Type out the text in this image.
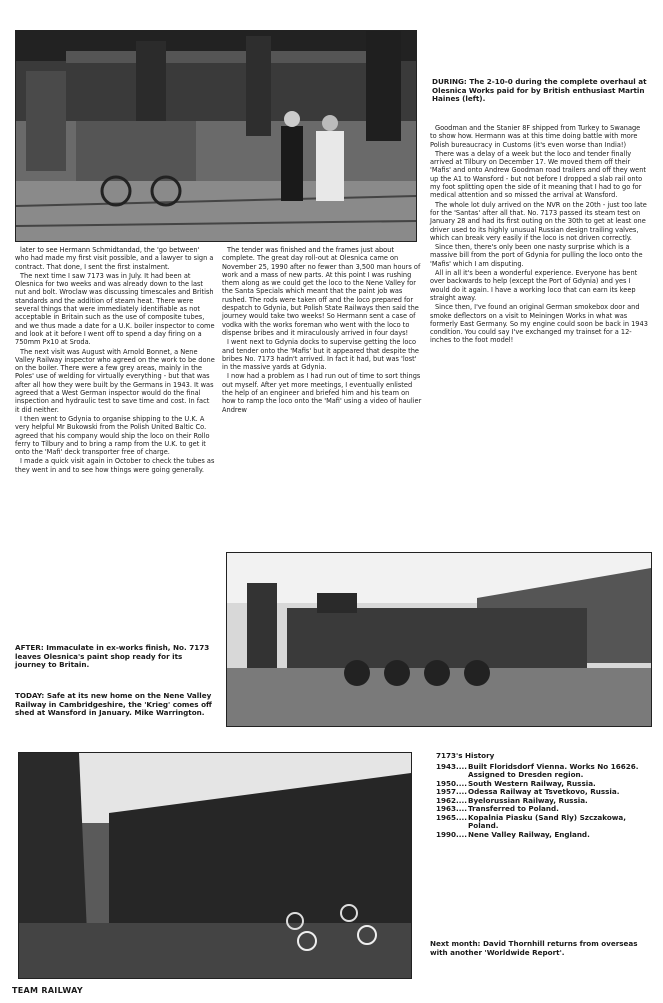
DURING: The 2-10-0 during the complete overhaul at Olesnica Works paid for by British enthusiast Martin Haines (left).

later to see Hermann Schmidtandad, the 'go between' who had made my first visit possible, and a lawyer to sign a contract. That done, I sent the first instalment.

The next time I saw 7173 was in July. It had been at Olesnica for two weeks and was already down to the last nut and bolt. Wroclaw was discussing timescales and British standards and the addition of steam heat. There were several things that were immediately identifiable as not acceptable in Britain such as the use of composite tubes, and we thus made a date for a U.K. boiler inspector to come and look at it before I went off to spend a day firing on a 750mm Px10 at Sroda.

The next visit was August with Arnold Bonnet, a Nene Valley Railway inspector who agreed on the work to be done on the boiler. There were a few grey areas, mainly in the Poles' use of welding for virtually everything - but that was after all how they were built by the Germans in 1943. It was agreed that a West German inspector would do the final inspection and hydraulic test to save time and cost. In fact it did neither.

I then went to Gdynia to organise shipping to the U.K. A very helpful Mr Bukowski from the Polish United Baltic Co. agreed that his company would ship the loco on their Rollo ferry to Tilbury and to bring a ramp from the U.K. to get it onto the 'Mafi' deck transporter free of charge.

I made a quick visit again in October to check the tubes as they went in and to see how things were going generally.

The tender was finished and the frames just about complete. The great day roll-out at Olesnica came on November 25, 1990 after no fewer than 3,500 man hours of work and a mass of new parts. At this point I was rushing them along as we could get the loco to the Nene Valley for the Santa Specials which meant that the paint job was rushed. The rods were taken off and the loco prepared for despatch to Gdynia, but Polish State Railways then said the journey would take two weeks! So Hermann sent a case of vodka with the works foreman who went with the loco to dispense bribes and it miraculously arrived in four days!

I went next to Gdynia docks to supervise getting the loco and tender onto the 'Mafis' but it appeared that despite the bribes No. 7173 hadn't arrived. In fact it had, but was 'lost' in the massive yards at Gdynia.

I now had a problem as I had run out of time to sort things out myself. After yet more meetings, I eventually enlisted the help of an engineer and briefed him and his team on how to ramp the loco onto the 'Mafi' using a video of haulier Andrew

Goodman and the Stanier 8F shipped from Turkey to Swanage to show how. Hermann was at this time doing battle with more Polish bureaucracy in Customs (it's even worse than India!)

There was a delay of a week but the loco and tender finally arrived at Tilbury on December 17. We moved them off their 'Mafis' and onto Andrew Goodman road trailers and off they went up the A1 to Wansford - but not before I dropped a slab rail onto my foot splitting open the side of it meaning that I had to go for medical attention and so missed the arrival at Wansford.

The whole lot duly arrived on the NVR on the 20th - just too late for the 'Santas' after all that. No. 7173 passed its steam test on January 28 and had its first outing on the 30th to get at least one driver used to its highly unusual Russian design trailing valves, which can break very easily if the loco is not driven correctly.

Since then, there's only been one nasty surprise which is a massive bill from the port of Gdynia for pulling the loco onto the 'Mafis' which I am disputing.

All in all it's been a wonderful experience. Everyone has bent over backwards to help (except the Port of Gdynia) and yes I would do it again. I have a working loco that can earn its keep straight away.

Since then, I've found an original German smokebox door and smoke deflectors on a visit to Meiningen Works in what was formerly East Germany. So my engine could soon be back in 1943 condition. You could say I've exchanged my trainset for a 12-inches to the foot model!

AFTER: Immaculate in ex-works finish, No. 7173 leaves Olesnica's paint shop ready for its journey to Britain.
TODAY: Safe at its new home on the Nene Valley Railway in Cambridgeshire, the 'Krieg' comes off shed at Wansford in January. Mike Warrington.
7173's History
1943.... Built Floridsdorf Vienna. Works No 16626. Assigned to Dresden region.
1950.... South Western Railway, Russia.
1957.... Odessa Railway at Tsvetkovo, Russia.
1962.... Byelorussian Railway, Russia.
1963.... Transferred to Poland.
1965.... Kopalnia Piasku (Sand Rly) Szczakowa, Poland.
1990.... Nene Valley Railway, England.
Next month: David Thornhill returns from overseas with another 'Worldwide Report'.
TEAM RAILWAY
